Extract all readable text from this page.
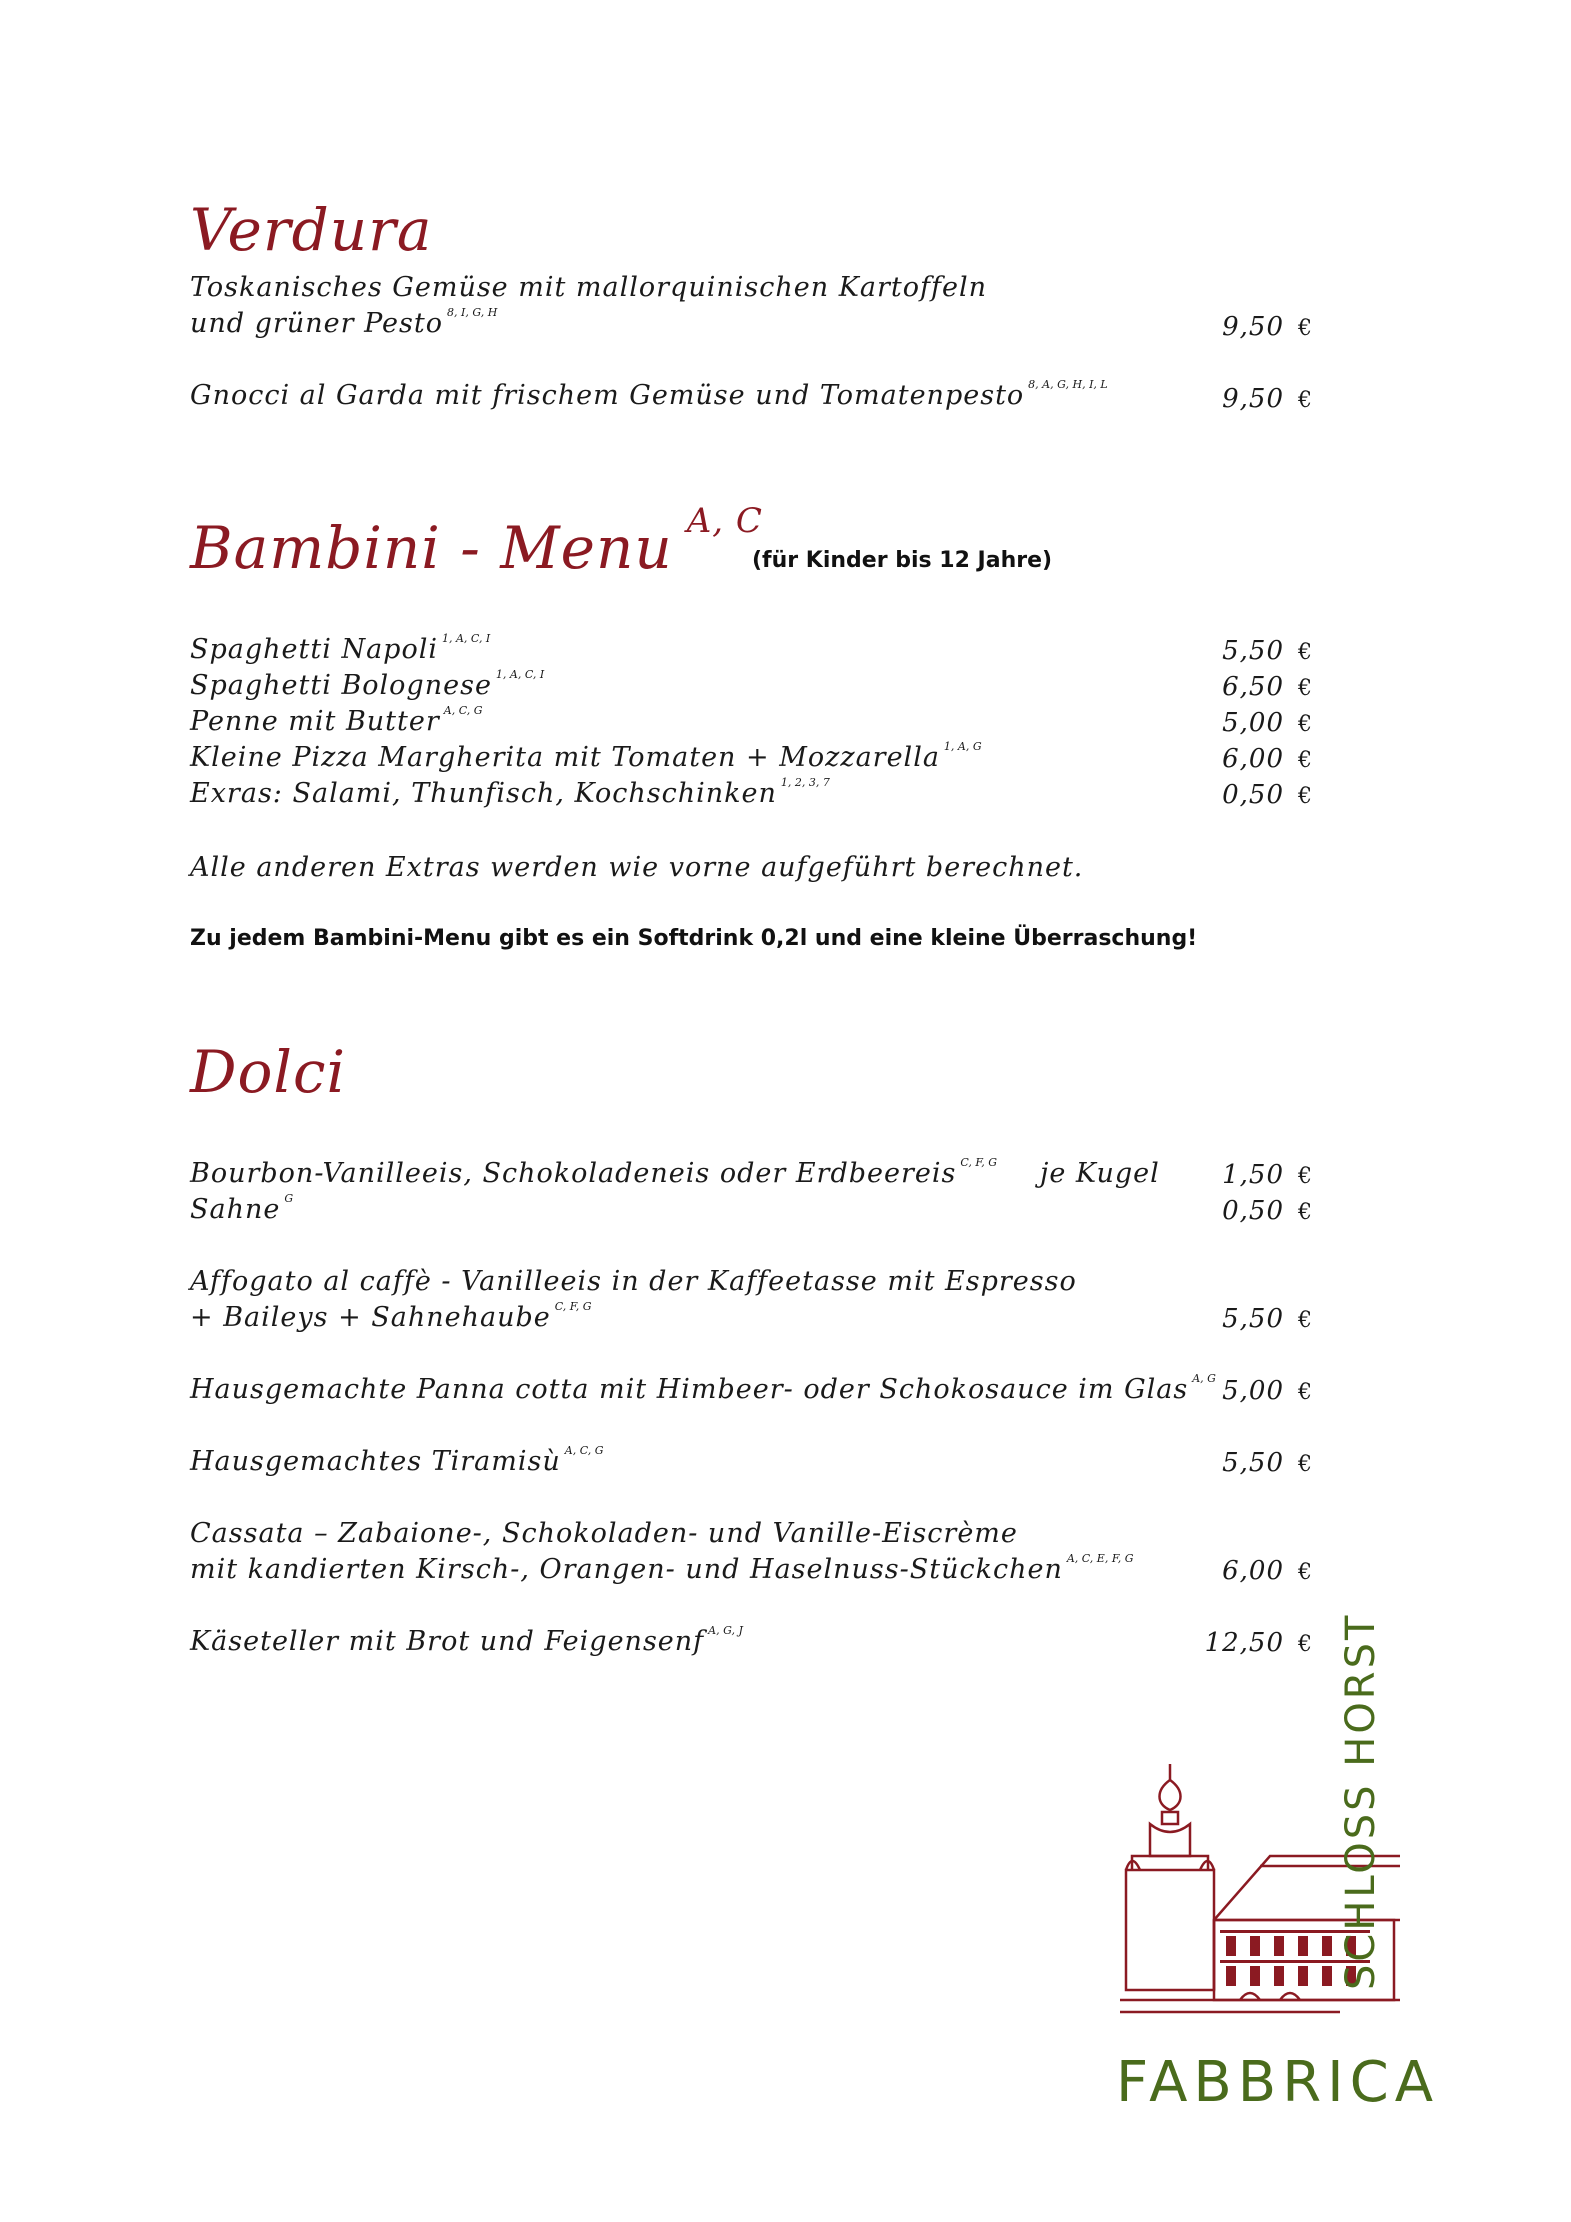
Verdura
Toskanisches Gemüse mit mallorquinischen Kartoffeln
und grüner Pesto $^{8, I, G, H}$	9,50 €
Gnocci al Garda mit frischem Gemüse und Tomatenpesto $^{8, A, G, H, I, L}$	9,50 €
Bambini - Menu $^{A, C}$
(für Kinder bis 12 Jahre)
Spaghetti Napoli $^{1, A, C, I}$	5,50 €
Spaghetti Bolognese $^{1, A, C, I}$	6,50 €
Penne mit Butter $^{A, C, G}$	5,00 €
Kleine Pizza Margherita mit Tomaten + Mozzarella $^{1, A, G}$	6,00 €
Exras: Salami, Thunfisch, Kochschinken $^{1, 2, 3, 7}$	0,50 €
Alle anderen Extras werden wie vorne aufgeführt berechnet.
Zu jedem Bambini-Menu gibt es ein Softdrink 0,2l und eine kleine Überraschung!
Dolci
Bourbon-Vanilleeis, Schokoladeneis oder Erdbeereis $^{C, F, G}$ je Kugel 1,50 €
Sahne $^G$	0,50 €
Affogato al caffè - Vanilleeis in der Kaffeetasse mit Espresso
+ Baileys + Sahnehaube $^{C, F, G}$	5,50 €
Hausgemachte Panna cotta mit Himbeer- oder Schokosauce im Glas $^{A, G}$ 5,00 €
Hausgemachtes Tiramisù $^{A, C, G}$	5,50 €
Cassata – Zabaione-, Schokoladen- und Vanille-Eiscrème
mit kandierten Kirsch-, Orangen- und Haselnuss-Stückchen $^{A, C, E, F, G}$	6,00 €
Käseteller mit Brot und Feigensenf $^{A, G, J}$	12,50 €
FABBRICA
SCHLOSS HORST
